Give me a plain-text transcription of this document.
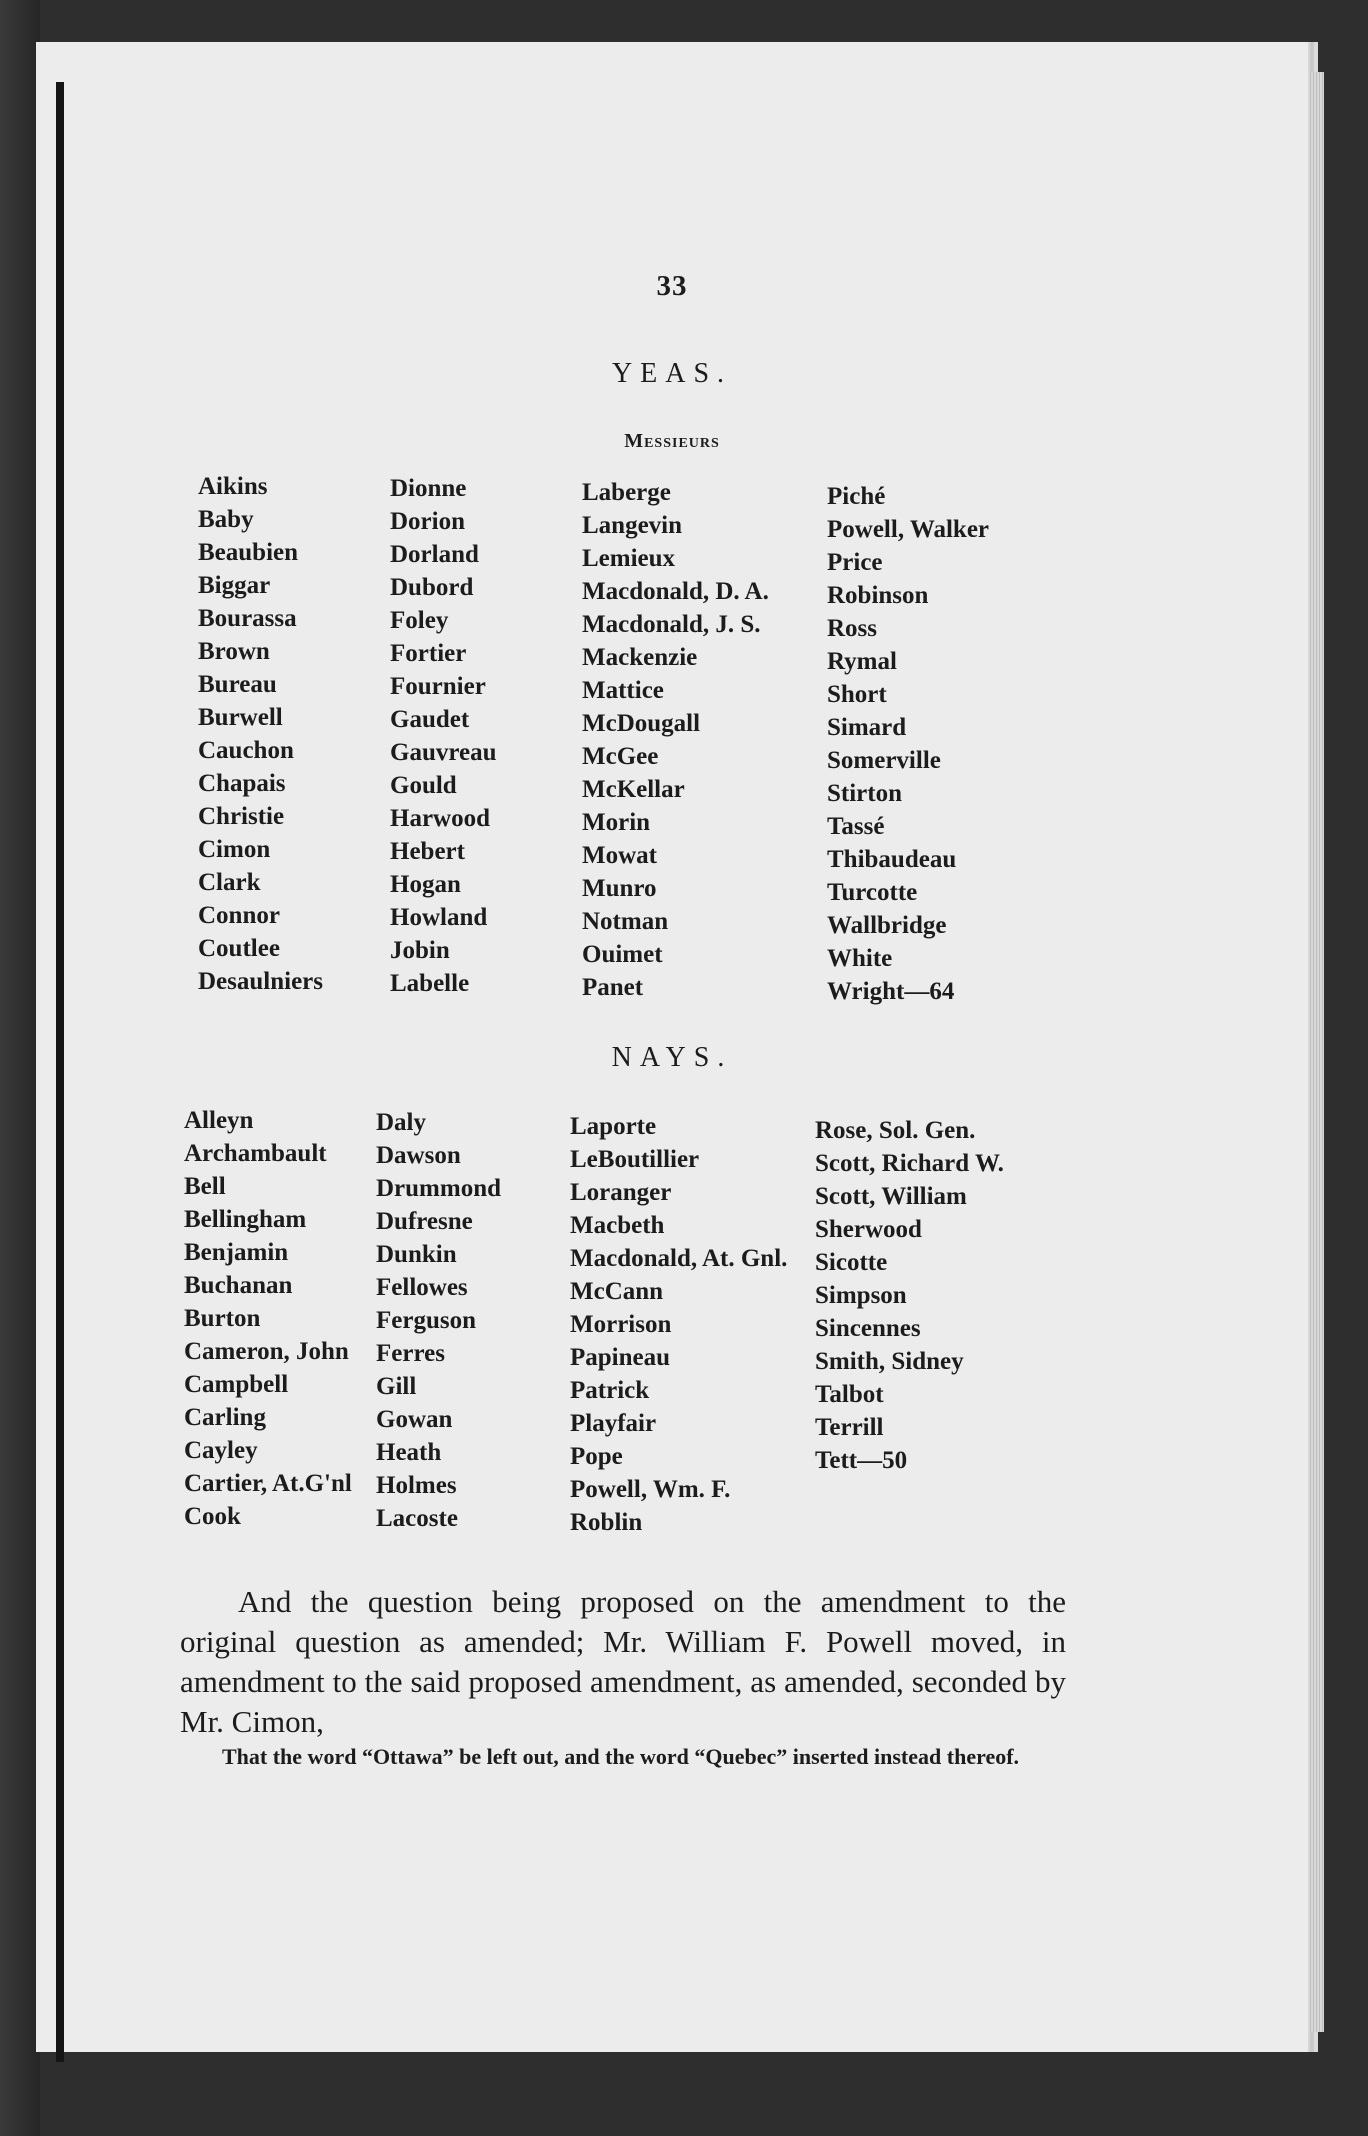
33
YEAS.
Messieurs
Aikins
Baby
Beaubien
Biggar
Bourassa
Brown
Bureau
Burwell
Cauchon
Chapais
Christie
Cimon
Clark
Connor
Coutlee
Desaulniers
Dionne
Dorion
Dorland
Dubord
Foley
Fortier
Fournier
Gaudet
Gauvreau
Gould
Harwood
Hebert
Hogan
Howland
Jobin
Labelle
Laberge
Langevin
Lemieux
Macdonald, D. A.
Macdonald, J. S.
Mackenzie
Mattice
McDougall
McGee
McKellar
Morin
Mowat
Munro
Notman
Ouimet
Panet
Piché
Powell, Walker
Price
Robinson
Ross
Rymal
Short
Simard
Somerville
Stirton
Tassé
Thibaudeau
Turcotte
Wallbridge
White
Wright—64
NAYS.
Alleyn
Archambault
Bell
Bellingham
Benjamin
Buchanan
Burton
Cameron, John
Campbell
Carling
Cayley
Cartier, At.G'nl
Cook
Daly
Dawson
Drummond
Dufresne
Dunkin
Fellowes
Ferguson
Ferres
Gill
Gowan
Heath
Holmes
Lacoste
Laporte
LeBoutillier
Loranger
Macbeth
Macdonald, At. Gnl.
McCann
Morrison
Papineau
Patrick
Playfair
Pope
Powell, Wm. F.
Roblin
Rose, Sol. Gen.
Scott, Richard W.
Scott, William
Sherwood
Sicotte
Simpson
Sincennes
Smith, Sidney
Talbot
Terrill
Tett—50
And the question being proposed on the amendment to the original question as amended; Mr. William F. Powell moved, in amendment to the said proposed amendment, as amended, seconded by Mr. Cimon,
That the word “Ottawa” be left out, and the word “Quebec” inserted instead thereof.
